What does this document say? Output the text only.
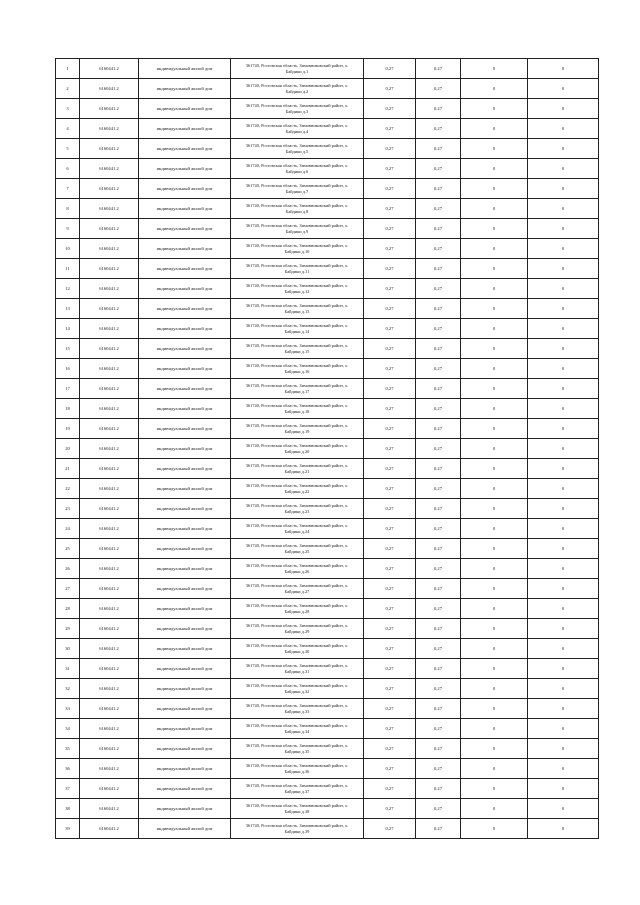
1	6160441.2	индивидуальный жилой дом	361740, Ростовская область, Зимовниковский район, х.
Байдики д.1	0,27	0,27	0	0
2	6160441.2	индивидуальный жилой дом	361740, Ростовская область, Зимовниковский район, х.
Байдики д.2	0,27	0,27	0	0
3	6160441.2	индивидуальный жилой дом	361740, Ростовская область, Зимовниковский район, х.
Байдики д.3	0,27	0,27	0	0
4	6160441.2	индивидуальный жилой дом	361740, Ростовская область, Зимовниковский район, х.
Байдики д.4	0,27	0,27	0	0
5	6160441.2	индивидуальный жилой дом	361740, Ростовская область, Зимовниковский район, х.
Байдики д.5	0,27	0,27	0	0
6	6160441.2	индивидуальный жилой дом	361740, Ростовская область, Зимовниковский район, х.
Байдики д.6	0,27	0,27	0	0
7	6160441.2	индивидуальный жилой дом	361740, Ростовская область, Зимовниковский район, х.
Байдики д.7	0,27	0,27	0	0
8	6160441.2	индивидуальный жилой дом	361740, Ростовская область, Зимовниковский район, х.
Байдики д.8	0,27	0,27	0	0
9	6160441.2	индивидуальный жилой дом	361740, Ростовская область, Зимовниковский район, х.
Байдики д.9	0,27	0,27	0	0
10	6160441.2	индивидуальный жилой дом	361740, Ростовская область, Зимовниковский район, х.
Байдики д.10	0,27	0,27	0	0
11	6160441.2	индивидуальный жилой дом	361740, Ростовская область, Зимовниковский район, х.
Байдики д.11	0,27	0,27	0	0
12	6160441.2	индивидуальный жилой дом	361740, Ростовская область, Зимовниковский район, х.
Байдики д.12	0,27	0,27	0	0
13	6160441.2	индивидуальный жилой дом	361740, Ростовская область, Зимовниковский район, х.
Байдики д.13	0,27	0,27	0	0
14	6160441.2	индивидуальный жилой дом	361740, Ростовская область, Зимовниковский район, х.
Байдики д.14	0,27	0,27	0	0
15	6160441.2	индивидуальный жилой дом	361740, Ростовская область, Зимовниковский район, х.
Байдики д.15	0,27	0,27	0	0
16	6160441.2	индивидуальный жилой дом	361740, Ростовская область, Зимовниковский район, х.
Байдики д.16	0,27	0,27	0	0
17	6160441.2	индивидуальный жилой дом	361740, Ростовская область, Зимовниковский район, х.
Байдики д.17	0,27	0,27	0	0
18	6160441.2	индивидуальный жилой дом	361740, Ростовская область, Зимовниковский район, х.
Байдики д.18	0,27	0,27	0	0
19	6160441.2	индивидуальный жилой дом	361740, Ростовская область, Зимовниковский район, х.
Байдики д.19	0,27	0,27	0	0
20	6160441.2	индивидуальный жилой дом	361740, Ростовская область, Зимовниковский район, х.
Байдики д.20	0,27	0,27	0	0
21	6160441.2	индивидуальный жилой дом	361740, Ростовская область, Зимовниковский район, х.
Байдики д.21	0,27	0,27	0	0
22	6160441.2	индивидуальный жилой дом	361740, Ростовская область, Зимовниковский район, х.
Байдики д.22	0,27	0,27	0	0
23	6160441.2	индивидуальный жилой дом	361740, Ростовская область, Зимовниковский район, х.
Байдики д.23	0,27	0,27	0	0
24	6160441.2	индивидуальный жилой дом	361740, Ростовская область, Зимовниковский район, х.
Байдики д.24	0,27	0,27	0	0
25	6160441.2	индивидуальный жилой дом	361740, Ростовская область, Зимовниковский район, х.
Байдики д.25	0,27	0,27	0	0
26	6160441.2	индивидуальный жилой дом	361740, Ростовская область, Зимовниковский район, х.
Байдики д.26	0,27	0,27	0	0
27	6160441.2	индивидуальный жилой дом	361740, Ростовская область, Зимовниковский район, х.
Байдики д.27	0,27	0,27	0	0
28	6160441.2	индивидуальный жилой дом	361740, Ростовская область, Зимовниковский район, х.
Байдики д.28	0,27	0,27	0	0
29	6160441.2	индивидуальный жилой дом	361740, Ростовская область, Зимовниковский район, х.
Байдики д.29	0,27	0,27	0	0
30	6160441.2	индивидуальный жилой дом	361740, Ростовская область, Зимовниковский район, х.
Байдики д.30	0,27	0,27	0	0
31	6160441.2	индивидуальный жилой дом	361740, Ростовская область, Зимовниковский район, х.
Байдики д.31	0,27	0,27	0	0
32	6160441.2	индивидуальный жилой дом	361740, Ростовская область, Зимовниковский район, х.
Байдики д.32	0,27	0,27	0	0
33	6160441.2	индивидуальный жилой дом	361740, Ростовская область, Зимовниковский район, х.
Байдики д.33	0,27	0,27	0	0
34	6160441.2	индивидуальный жилой дом	361740, Ростовская область, Зимовниковский район, х.
Байдики д.34	0,27	0,27	0	0
35	6160441.2	индивидуальный жилой дом	361740, Ростовская область, Зимовниковский район, х.
Байдики д.35	0,27	0,27	0	0
36	6160441.2	индивидуальный жилой дом	361740, Ростовская область, Зимовниковский район, х.
Байдики д.36	0,27	0,27	0	0
37	6160441.2	индивидуальный жилой дом	361740, Ростовская область, Зимовниковский район, х.
Байдики д.37	0,27	0,27	0	0
38	6160441.2	индивидуальный жилой дом	361740, Ростовская область, Зимовниковский район, х.
Байдики д.38	0,27	0,27	0	0
39	6160441.2	индивидуальный жилой дом	361740, Ростовская область, Зимовниковский район, х.
Байдики д.39	0,27	0,27	0	0
